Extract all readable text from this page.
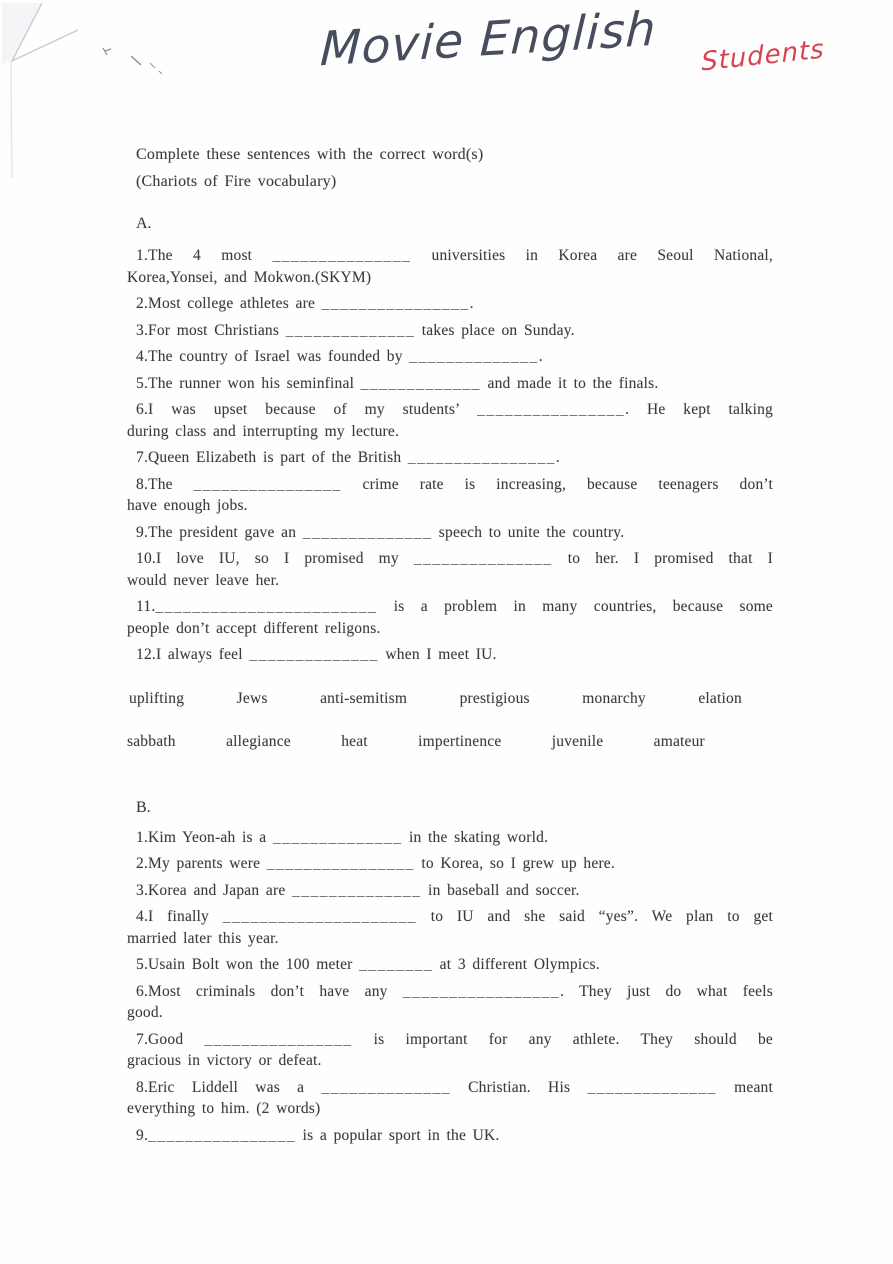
Movie English Students

Complete these sentences with the correct word(s)

(Chariots of Fire vocabulary)

A.
1.The 4 most _______________ universities in Korea are Seoul National,
Korea,Yonsei, and Mokwon.(SKYM)
2.Most college athletes are ________________.
3.For most Christians ______________ takes place on Sunday.
4.The country of Israel was founded by ______________.
5.The runner won his seminfinal _____________ and made it to the finals.
6.I was upset because of my students’ ________________. He kept talking
during class and interrupting my lecture.
7.Queen Elizabeth is part of the British ________________.
8.The ________________ crime rate is increasing, because teenagers don’t
have enough jobs.
9.The president gave an ______________ speech to unite the country.
10.I love IU, so I promised my _______________ to her. I promised that I
would never leave her.
11.________________________ is a problem in many countries, because some
people don’t accept different religons.
12.I always feel ______________ when I meet IU.
uplifting	Jews	anti-semitism	prestigious	monarchy	elation
sabbath	allegiance	heat	impertinence	juvenile	amateur
B.
1.Kim Yeon-ah is a ______________ in the skating world.
2.My parents were ________________ to Korea, so I grew up here.
3.Korea and Japan are ______________ in baseball and soccer.
4.I finally _____________________ to IU and she said “yes”. We plan to get
married later this year.
5.Usain Bolt won the 100 meter ________ at 3 different Olympics.
6.Most criminals don’t have any _________________. They just do what feels
good.
7.Good ________________ is important for any athlete. They should be
gracious in victory or defeat.
8.Eric Liddell was a ______________ Christian. His ______________ meant
everything to him. (2 words)
9.________________ is a popular sport in the UK.
